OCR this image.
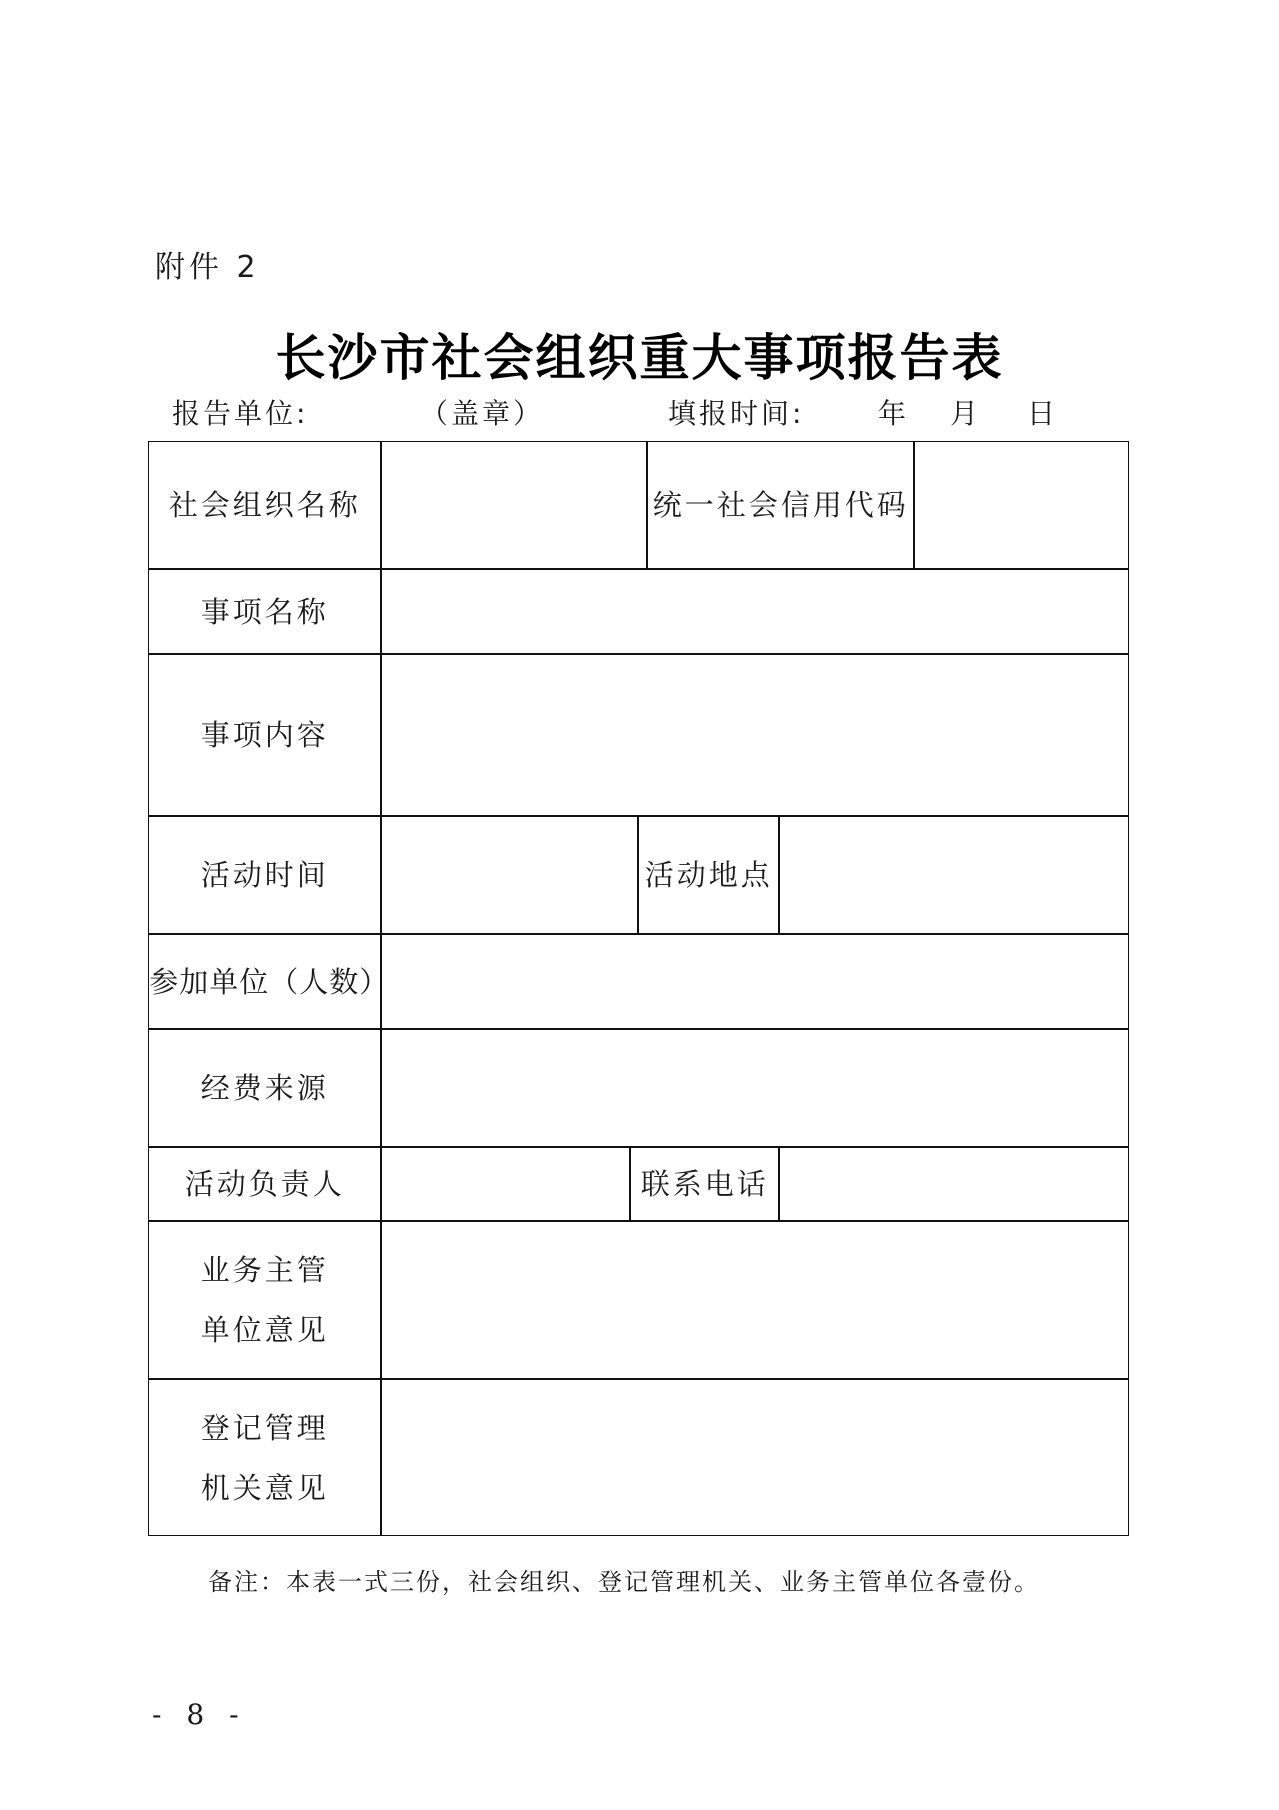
附件 2
长沙市社会组织重大事项报告表
报告单位:	（盖章）	填报时间:	年 月 日
社会组织名称	统一社会信用代码
事项名称
事项内容
活动时间	活动地点
参加单位（人数）
经费来源
活动负责人	联系电话
业务主管单位意见
登记管理机关意见
备注：本表一式三份，社会组织、登记管理机关、业务主管单位各壹份。
- 8 -
